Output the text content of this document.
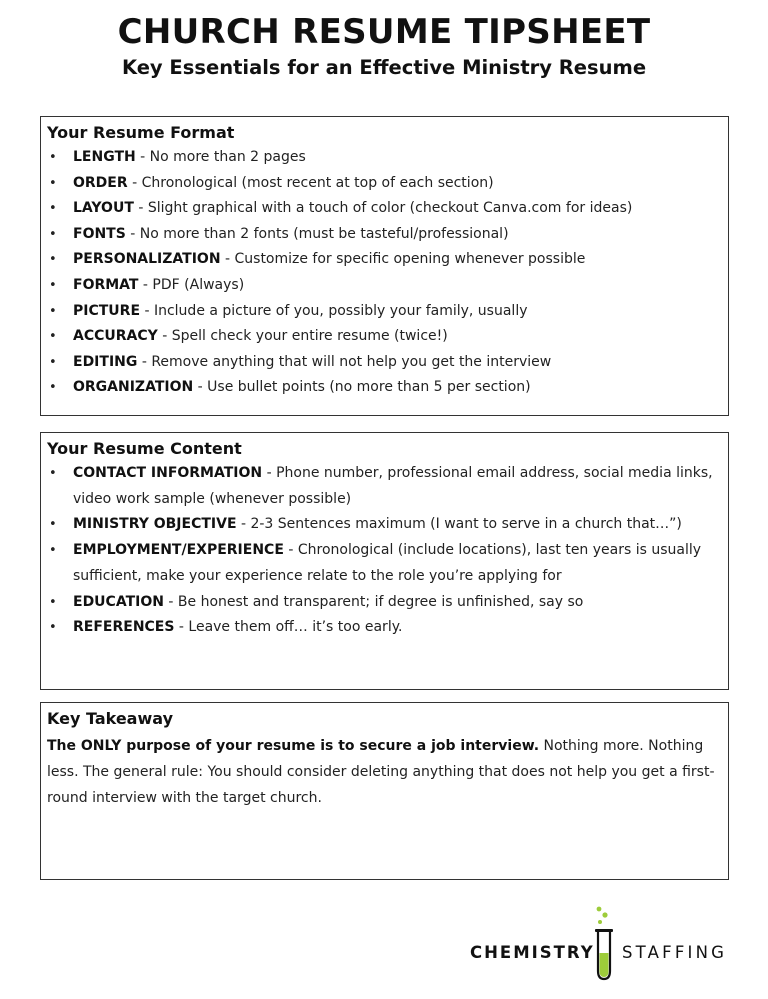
CHURCH RESUME TIPSHEET
Key Essentials for an Effective Ministry Resume
Your Resume Format
• LENGTH - No more than 2 pages
• ORDER - Chronological (most recent at top of each section)
• LAYOUT - Slight graphical with a touch of color (checkout Canva.com for ideas)
• FONTS - No more than 2 fonts (must be tasteful/professional)
• PERSONALIZATION - Customize for specific opening whenever possible
• FORMAT - PDF (Always)
• PICTURE - Include a picture of you, possibly your family, usually
• ACCURACY - Spell check your entire resume (twice!)
• EDITING - Remove anything that will not help you get the interview
• ORGANIZATION - Use bullet points (no more than 5 per section)
Your Resume Content
• CONTACT INFORMATION - Phone number, professional email address, social media links, video work sample (whenever possible)
• MINISTRY OBJECTIVE - 2-3 Sentences maximum (I want to serve in a church that…”)
• EMPLOYMENT/EXPERIENCE - Chronological (include locations), last ten years is usually sufficient, make your experience relate to the role you’re applying for
• EDUCATION - Be honest and transparent; if degree is unfinished, say so
• REFERENCES - Leave them off… it’s too early.
Key Takeaway

The ONLY purpose of your resume is to secure a job interview. Nothing more. Nothing less. The general rule: You should consider deleting anything that does not help you get a first-round interview with the target church.

CHEMISTRY STAFFING
